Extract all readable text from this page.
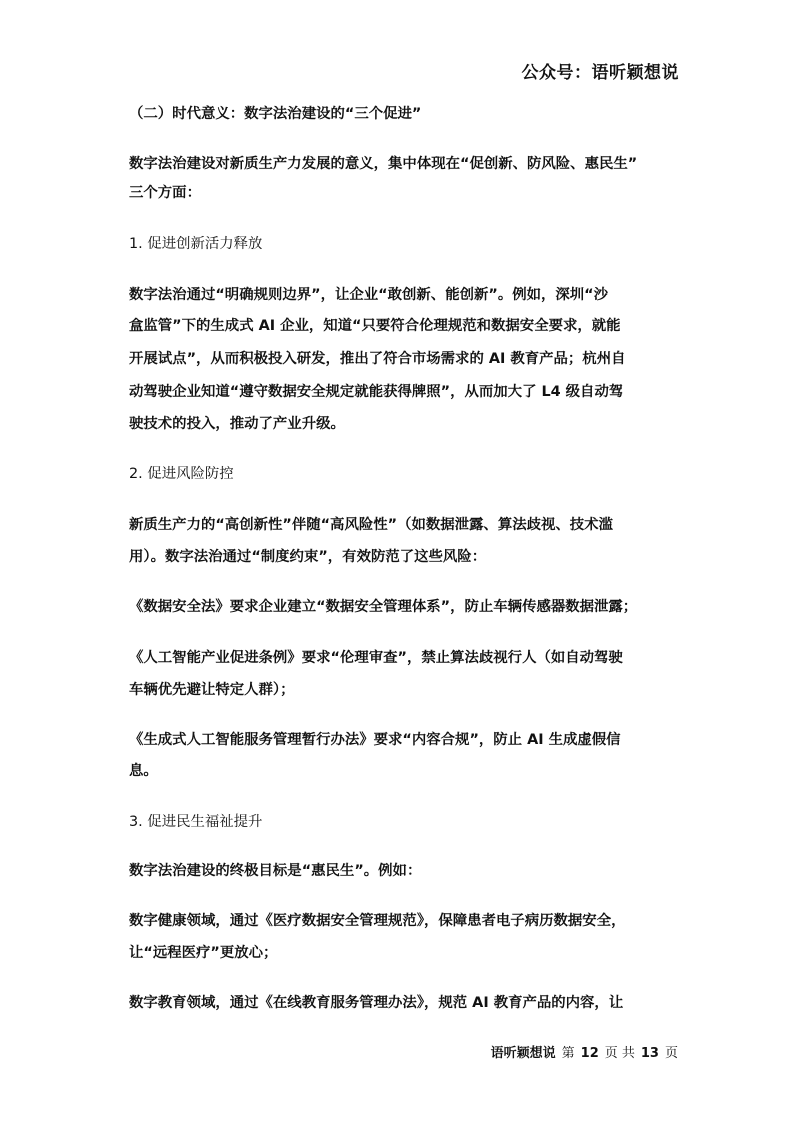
公众号：语听颖想说
（二）时代意义：数字法治建设的“三个促进”
数字法治建设对新质生产力发展的意义，集中体现在“促创新、防风险、惠民生”
三个方面：
1. 促进创新活力释放
数字法治通过“明确规则边界”，让企业“敢创新、能创新”。例如，深圳“沙
盒监管”下的生成式 AI 企业，知道“只要符合伦理规范和数据安全要求，就能
开展试点”，从而积极投入研发，推出了符合市场需求的 AI 教育产品；杭州自
动驾驶企业知道“遵守数据安全规定就能获得牌照”，从而加大了 L4 级自动驾
驶技术的投入，推动了产业升级。
2. 促进风险防控
新质生产力的“高创新性”伴随“高风险性”（如数据泄露、算法歧视、技术滥
用）。数字法治通过“制度约束”，有效防范了这些风险：
《数据安全法》要求企业建立“数据安全管理体系”，防止车辆传感器数据泄露；
《人工智能产业促进条例》要求“伦理审查”，禁止算法歧视行人（如自动驾驶
车辆优先避让特定人群）；
《生成式人工智能服务管理暂行办法》要求“内容合规”，防止 AI 生成虚假信
息。
3. 促进民生福祉提升
数字法治建设的终极目标是“惠民生”。例如：
数字健康领域，通过《医疗数据安全管理规范》，保障患者电子病历数据安全，
让“远程医疗”更放心；
数字教育领域，通过《在线教育服务管理办法》，规范 AI 教育产品的内容，让
语听颖想说 第 12 页 共 13 页
